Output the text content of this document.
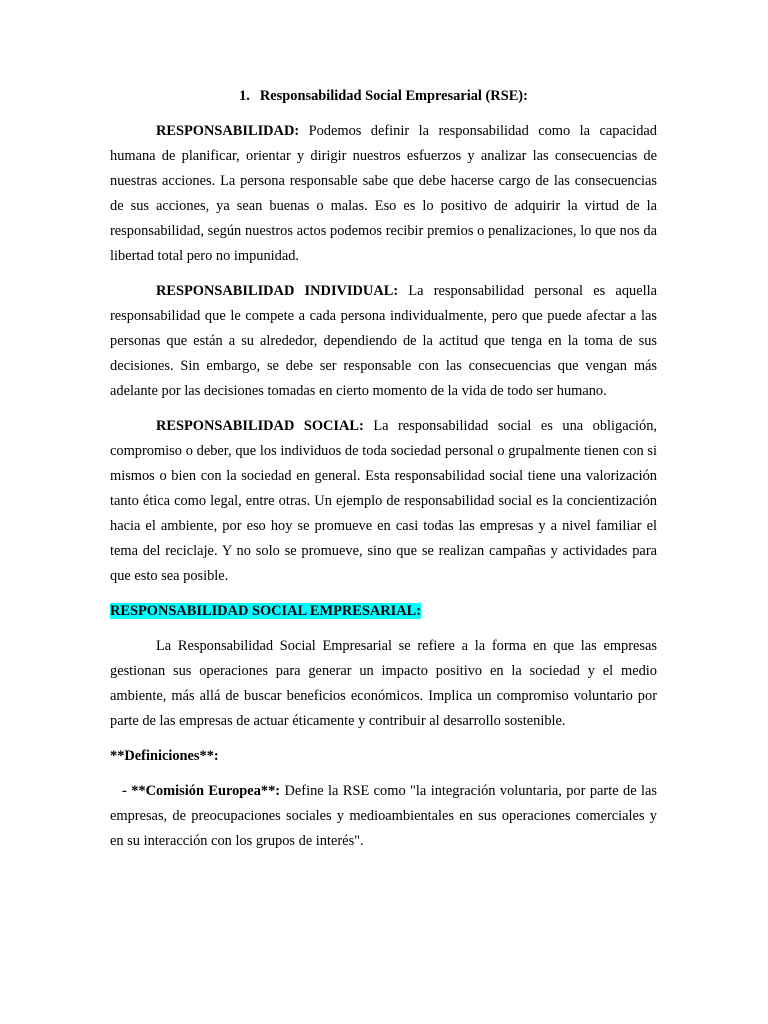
1. Responsabilidad Social Empresarial (RSE):

RESPONSABILIDAD: Podemos definir la responsabilidad como la capacidad humana de planificar, orientar y dirigir nuestros esfuerzos y analizar las consecuencias de nuestras acciones. La persona responsable sabe que debe hacerse cargo de las consecuencias de sus acciones, ya sean buenas o malas. Eso es lo positivo de adquirir la virtud de la responsabilidad, según nuestros actos podemos recibir premios o penalizaciones, lo que nos da libertad total pero no impunidad.

RESPONSABILIDAD INDIVIDUAL: La responsabilidad personal es aquella responsabilidad que le compete a cada persona individualmente, pero que puede afectar a las personas que están a su alrededor, dependiendo de la actitud que tenga en la toma de sus decisiones. Sin embargo, se debe ser responsable con las consecuencias que vengan más adelante por las decisiones tomadas en cierto momento de la vida de todo ser humano.

RESPONSABILIDAD SOCIAL: La responsabilidad social es una obligación, compromiso o deber, que los individuos de toda sociedad personal o grupalmente tienen con si mismos o bien con la sociedad en general. Esta responsabilidad social tiene una valorización tanto ética como legal, entre otras. Un ejemplo de responsabilidad social es la concientización hacia el ambiente, por eso hoy se promueve en casi todas las empresas y a nivel familiar el tema del reciclaje. Y no solo se promueve, sino que se realizan campañas y actividades para que esto sea posible.

RESPONSABILIDAD SOCIAL EMPRESARIAL:

La Responsabilidad Social Empresarial se refiere a la forma en que las empresas gestionan sus operaciones para generar un impacto positivo en la sociedad y el medio ambiente, más allá de buscar beneficios económicos. Implica un compromiso voluntario por parte de las empresas de actuar éticamente y contribuir al desarrollo sostenible.

**Definiciones**:

- **Comisión Europea**: Define la RSE como "la integración voluntaria, por parte de las empresas, de preocupaciones sociales y medioambientales en sus operaciones comerciales y en su interacción con los grupos de interés".
